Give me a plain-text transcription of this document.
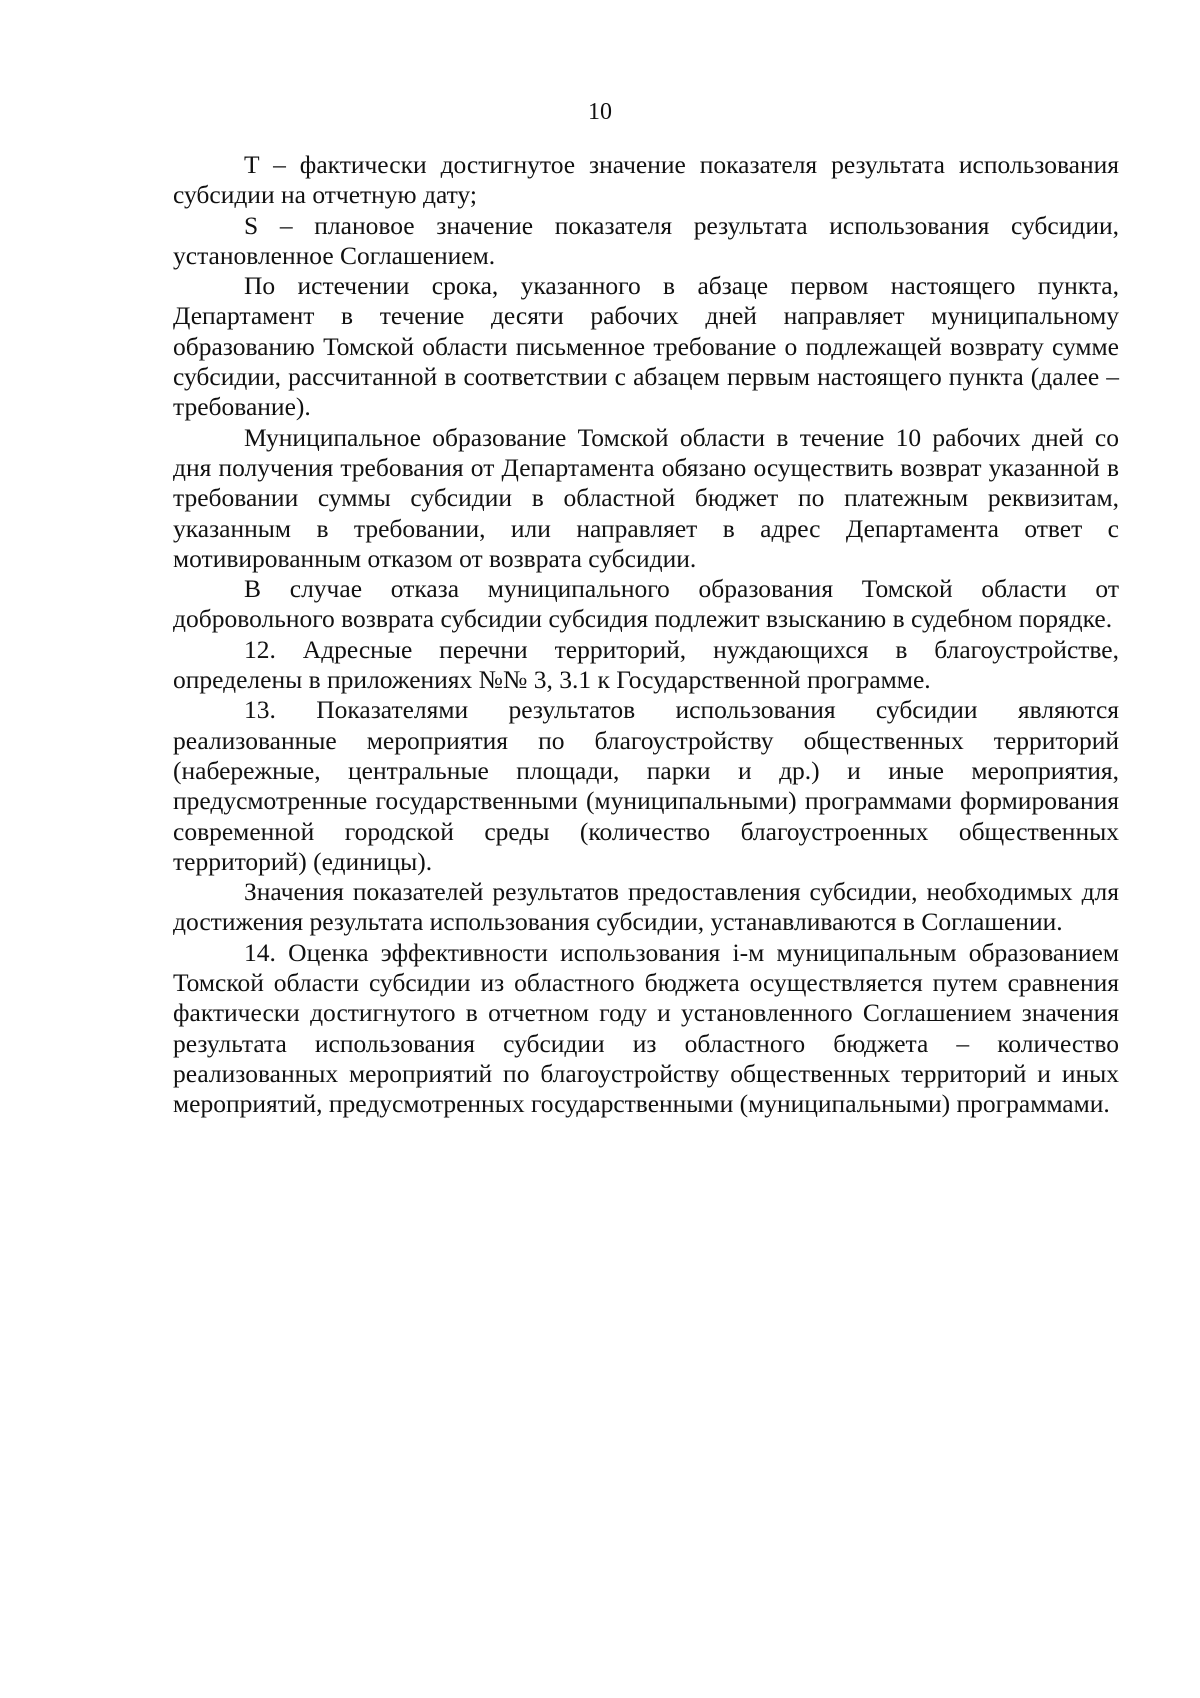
10

T – фактически достигнутое значение показателя результата использования субсидии на отчетную дату;

S – плановое значение показателя результата использования субсидии, установленное Соглашением.

По истечении срока, указанного в абзаце первом настоящего пункта, Департамент в течение десяти рабочих дней направляет муниципальному образованию Томской области письменное требование о подлежащей возврату сумме субсидии, рассчитанной в соответствии с абзацем первым настоящего пункта (далее – требование).

Муниципальное образование Томской области в течение 10 рабочих дней со дня получения требования от Департамента обязано осуществить возврат указанной в требовании суммы субсидии в областной бюджет по платежным реквизитам, указанным в требовании, или направляет в адрес Департамента ответ с мотивированным отказом от возврата субсидии.

В случае отказа муниципального образования Томской области от добровольного возврата субсидии субсидия подлежит взысканию в судебном порядке.

12. Адресные перечни территорий, нуждающихся в благоустройстве, определены в приложениях №№ 3, 3.1 к Государственной программе.

13. Показателями результатов использования субсидии являются реализованные мероприятия по благоустройству общественных территорий (набережные, центральные площади, парки и др.) и иные мероприятия, предусмотренные государственными (муниципальными) программами формирования современной городской среды (количество благоустроенных общественных территорий) (единицы).

Значения показателей результатов предоставления субсидии, необходимых для достижения результата использования субсидии, устанавливаются в Соглашении.

14. Оценка эффективности использования i-м муниципальным образованием Томской области субсидии из областного бюджета осуществляется путем сравнения фактически достигнутого в отчетном году и установленного Соглашением значения результата использования субсидии из областного бюджета – количество реализованных мероприятий по благоустройству общественных территорий и иных мероприятий, предусмотренных государственными (муниципальными) программами.
